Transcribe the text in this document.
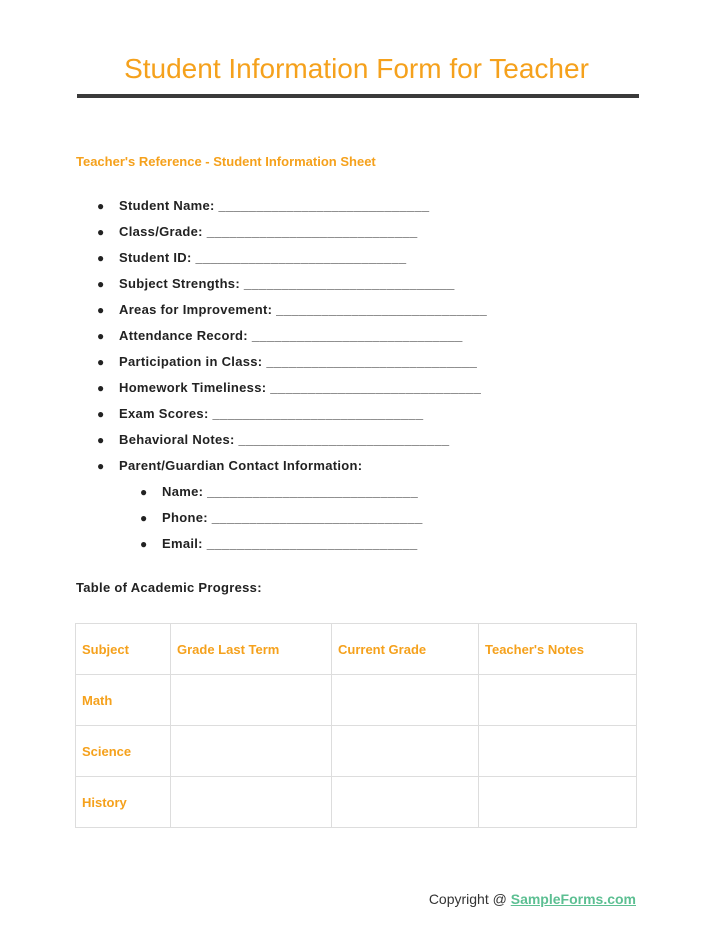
Student Information Form for Teacher
Teacher's Reference - Student Information Sheet
● Student Name: ____________________________
● Class/Grade: ____________________________
● Student ID: ____________________________
● Subject Strengths: ____________________________
● Areas for Improvement: ____________________________
● Attendance Record: ____________________________
● Participation in Class: ____________________________
● Homework Timeliness: ____________________________
● Exam Scores: ____________________________
● Behavioral Notes: ____________________________
● Parent/Guardian Contact Information:
● Name: ____________________________
● Phone: ____________________________
● Email: ____________________________

Table of Academic Progress:

Subject	Grade Last Term	Current Grade	Teacher's Notes
Math			
Science			
History			
Copyright @ SampleForms.com
